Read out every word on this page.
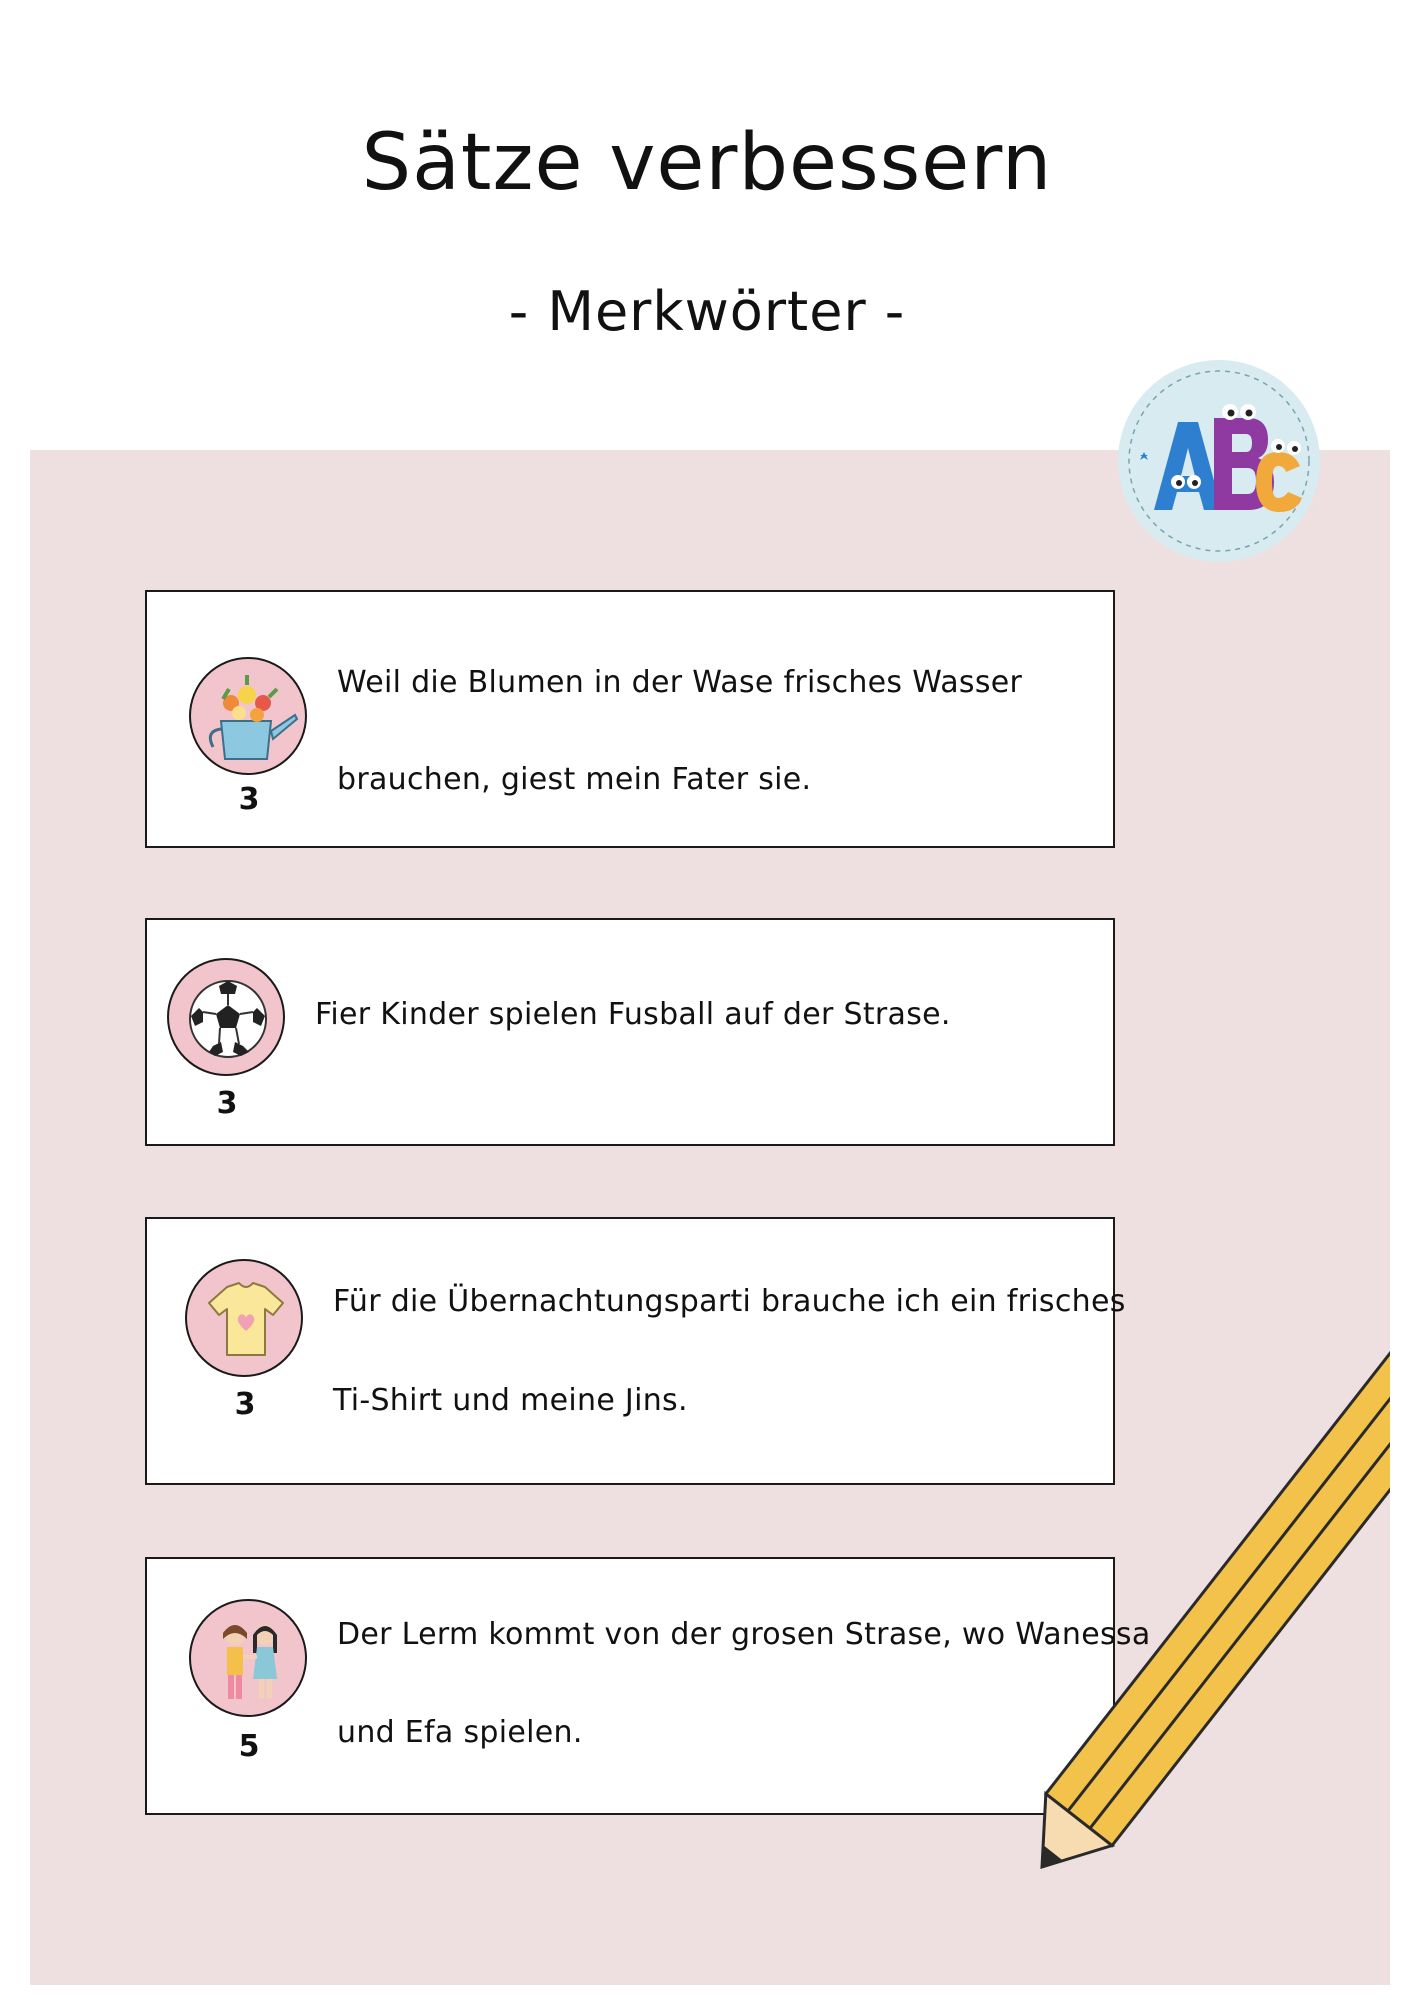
Sätze verbessern
- Merkwörter -
3
Weil die Blumen in der Wase frisches Wasser
brauchen, giest mein Fater sie.
3
Fier Kinder spielen Fusball auf der Strase.
3
Für die Übernachtungsparti brauche ich ein frisches
Ti-Shirt und meine Jins.
5
Der Lerm kommt von der grosen Strase, wo Wanessa
und Efa spielen.
